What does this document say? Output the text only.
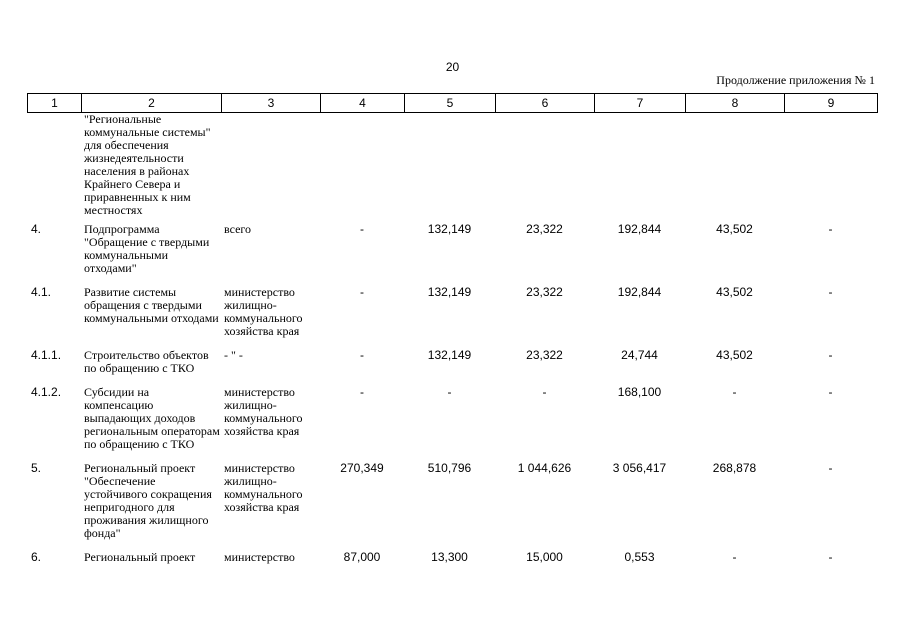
20
Продолжение приложения № 1
1	2	3	4	5	6	7	8	9
	"Региональные коммунальные системы" для обеспечения жизнедеятельности населения в районах Крайнего Севера и приравненных к ним местностях							
4.	Подпрограмма "Обращение с твердыми коммунальными отходами"	всего	-	132,149	23,322	192,844	43,502	-
4.1.	Развитие системы обращения с твердыми коммунальными отходами	министерство жилищно-коммунального хозяйства края	-	132,149	23,322	192,844	43,502	-
4.1.1.	Строительство объектов по обращению с ТКО	- " -	-	132,149	23,322	24,744	43,502	-
4.1.2.	Субсидии на компенсацию выпадающих доходов региональным операторам по обращению с ТКО	министерство жилищно-коммунального хозяйства края	-	-	-	168,100	-	-
5.	Региональный проект "Обеспечение устойчивого сокращения непригодного для проживания жилищного фонда"	министерство жилищно-коммунального хозяйства края	270,349	510,796	1 044,626	3 056,417	268,878	-
6.	Региональный проект	министерство	87,000	13,300	15,000	0,553	-	-
